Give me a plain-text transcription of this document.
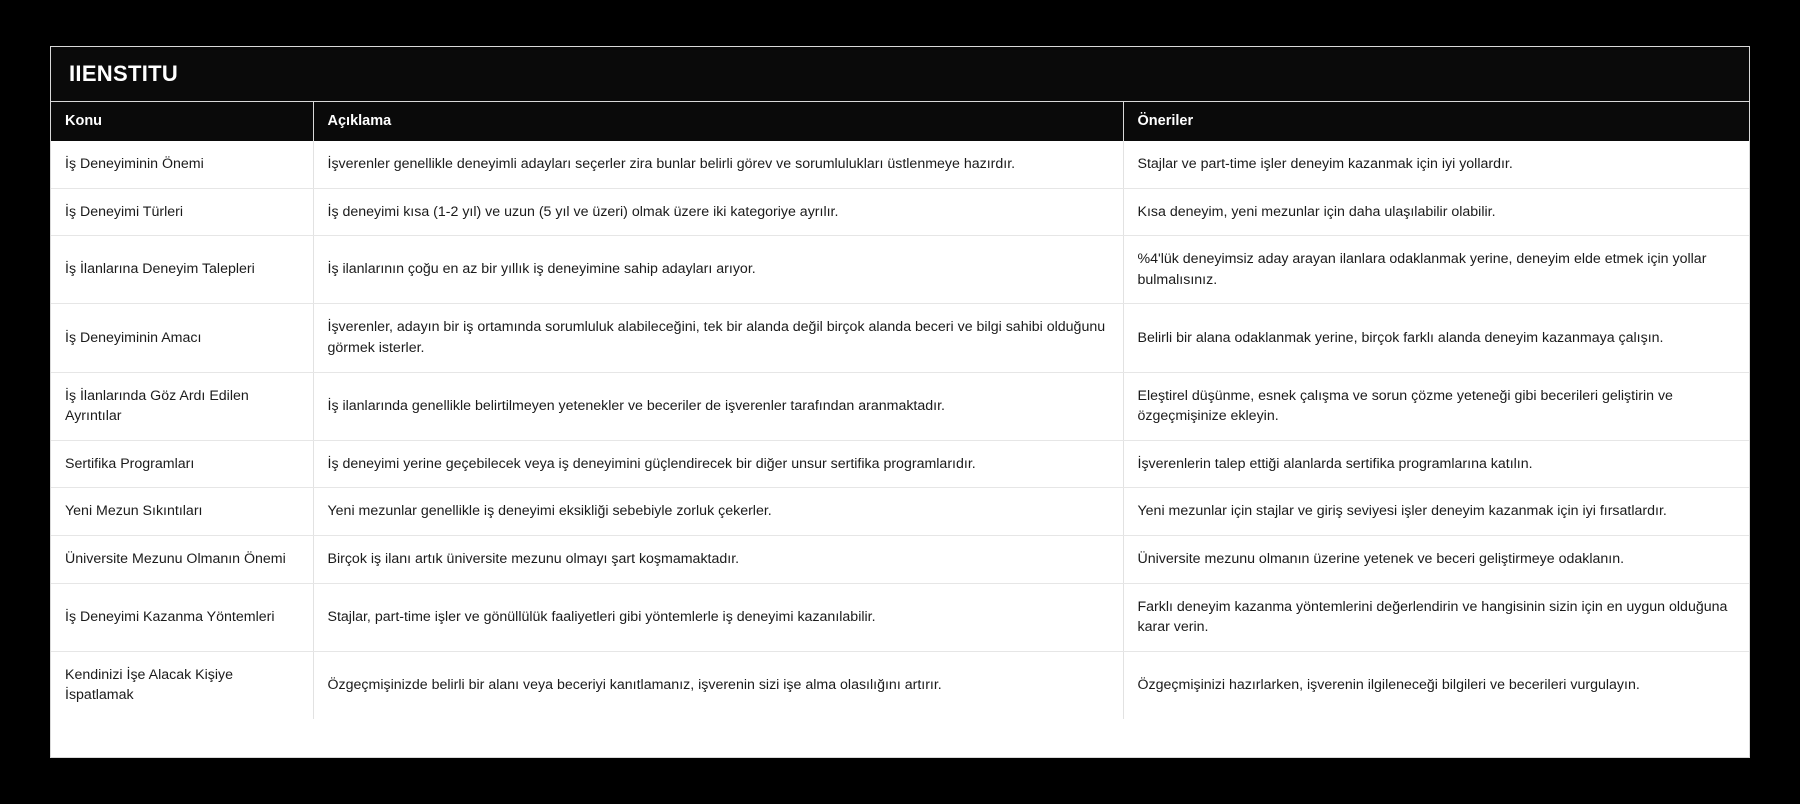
IIENSTITU
Konu	Açıklama	Öneriler
İş Deneyiminin Önemi	İşverenler genellikle deneyimli adayları seçerler zira bunlar belirli görev ve sorumlulukları üstlenmeye hazırdır.	Stajlar ve part-time işler deneyim kazanmak için iyi yollardır.
İş Deneyimi Türleri	İş deneyimi kısa (1-2 yıl) ve uzun (5 yıl ve üzeri) olmak üzere iki kategoriye ayrılır.	Kısa deneyim, yeni mezunlar için daha ulaşılabilir olabilir.
İş İlanlarına Deneyim Talepleri	İş ilanlarının çoğu en az bir yıllık iş deneyimine sahip adayları arıyor.	%4'lük deneyimsiz aday arayan ilanlara odaklanmak yerine, deneyim elde etmek için yollar bulmalısınız.
İş Deneyiminin Amacı	İşverenler, adayın bir iş ortamında sorumluluk alabileceğini, tek bir alanda değil birçok alanda beceri ve bilgi sahibi olduğunu görmek isterler.	Belirli bir alana odaklanmak yerine, birçok farklı alanda deneyim kazanmaya çalışın.
İş İlanlarında Göz Ardı Edilen Ayrıntılar	İş ilanlarında genellikle belirtilmeyen yetenekler ve beceriler de işverenler tarafından aranmaktadır.	Eleştirel düşünme, esnek çalışma ve sorun çözme yeteneği gibi becerileri geliştirin ve özgeçmişinize ekleyin.
Sertifika Programları	İş deneyimi yerine geçebilecek veya iş deneyimini güçlendirecek bir diğer unsur sertifika programlarıdır.	İşverenlerin talep ettiği alanlarda sertifika programlarına katılın.
Yeni Mezun Sıkıntıları	Yeni mezunlar genellikle iş deneyimi eksikliği sebebiyle zorluk çekerler.	Yeni mezunlar için stajlar ve giriş seviyesi işler deneyim kazanmak için iyi fırsatlardır.
Üniversite Mezunu Olmanın Önemi	Birçok iş ilanı artık üniversite mezunu olmayı şart koşmamaktadır.	Üniversite mezunu olmanın üzerine yetenek ve beceri geliştirmeye odaklanın.
İş Deneyimi Kazanma Yöntemleri	Stajlar, part-time işler ve gönüllülük faaliyetleri gibi yöntemlerle iş deneyimi kazanılabilir.	Farklı deneyim kazanma yöntemlerini değerlendirin ve hangisinin sizin için en uygun olduğuna karar verin.
Kendinizi İşe Alacak Kişiye İspatlamak	Özgeçmişinizde belirli bir alanı veya beceriyi kanıtlamanız, işverenin sizi işe alma olasılığını artırır.	Özgeçmişinizi hazırlarken, işverenin ilgileneceği bilgileri ve becerileri vurgulayın.
